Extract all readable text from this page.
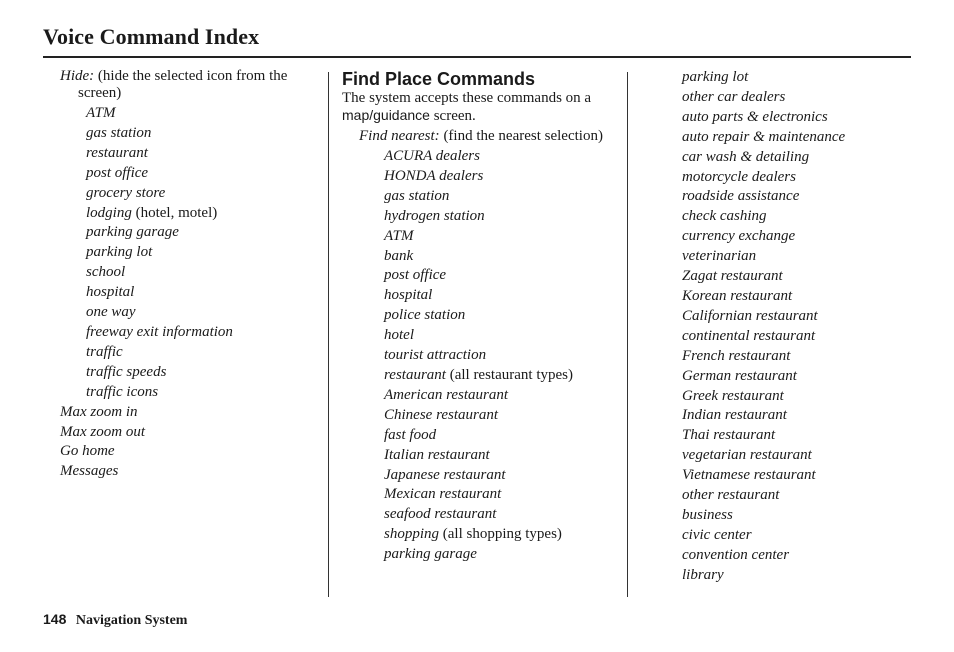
Voice Command Index
Hide: (hide the selected icon from the screen)
ATM
gas station
restaurant
post office
grocery store
lodging (hotel, motel)
parking garage
parking lot
school
hospital
one way
freeway exit information
traffic
traffic speeds
traffic icons
Max zoom in
Max zoom out
Go home
Messages
Find Place Commands
The system accepts these commands on a map/guidance screen.
Find nearest: (find the nearest selection)
ACURA dealers
HONDA dealers
gas station
hydrogen station
ATM
bank
post office
hospital
police station
hotel
tourist attraction
restaurant (all restaurant types)
American restaurant
Chinese restaurant
fast food
Italian restaurant
Japanese restaurant
Mexican restaurant
seafood restaurant
shopping (all shopping types)
parking garage
parking lot
other car dealers
auto parts & electronics
auto repair & maintenance
car wash & detailing
motorcycle dealers
roadside assistance
check cashing
currency exchange
veterinarian
Zagat restaurant
Korean restaurant
Californian restaurant
continental restaurant
French restaurant
German restaurant
Greek restaurant
Indian restaurant
Thai restaurant
vegetarian restaurant
Vietnamese restaurant
other restaurant
business
civic center
convention center
library
148 Navigation System
